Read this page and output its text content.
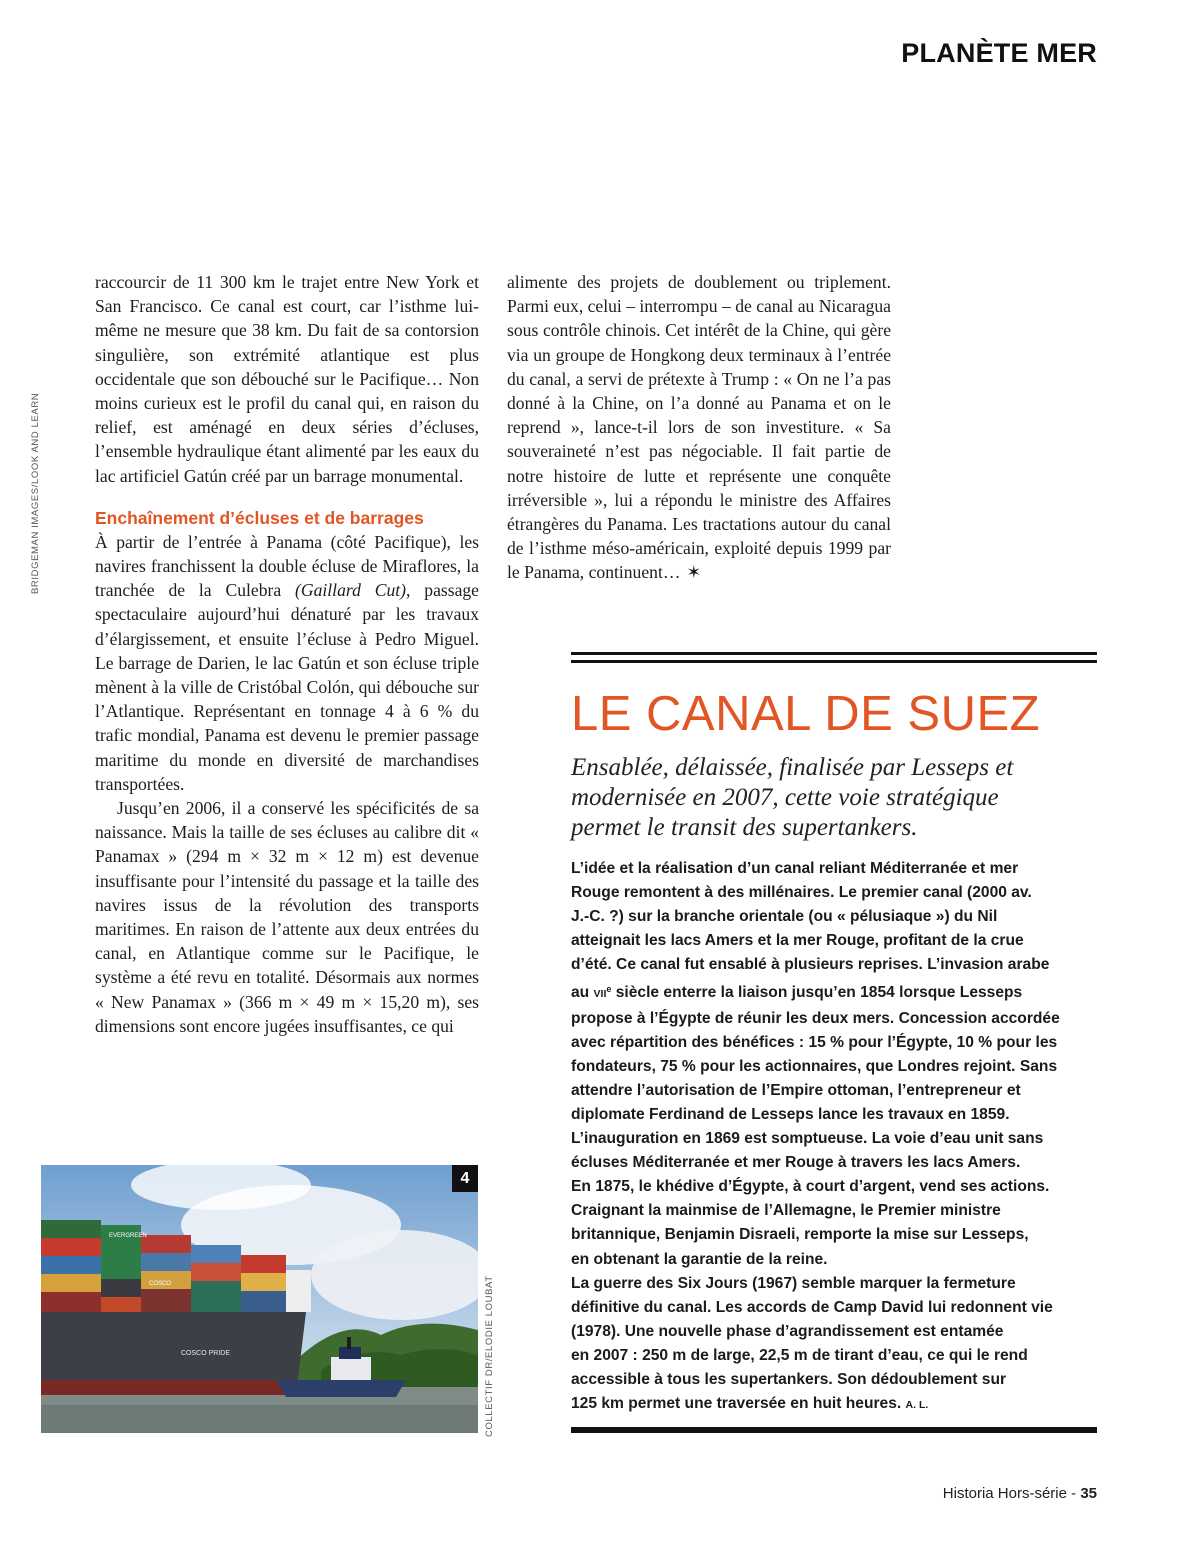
PLANÈTE MER
BRIDGEMAN IMAGES/LOOK AND LEARN

raccourcir de 11 300 km le trajet entre New York et San Francisco. Ce canal est court, car l’isthme lui-même ne mesure que 38 km. Du fait de sa contorsion singulière, son extrémité atlantique est plus occidentale que son débouché sur le Pacifique… Non moins curieux est le profil du canal qui, en raison du relief, est aménagé en deux séries d’écluses, l’ensemble hydraulique étant alimenté par les eaux du lac artificiel Gatún créé par un barrage monumental.

Enchaînement d’écluses et de barrages

À partir de l’entrée à Panama (côté Pacifique), les navires franchissent la double écluse de Miraflores, la tranchée de la Culebra (Gaillard Cut), passage spectaculaire aujourd’hui dénaturé par les travaux d’élargissement, et ensuite l’écluse à Pedro Miguel. Le barrage de Darien, le lac Gatún et son écluse triple mènent à la ville de Cristóbal Colón, qui débouche sur l’Atlantique. Représentant en tonnage 4 à 6 % du trafic mondial, Panama est devenu le premier passage maritime du monde en diversité de marchandises transportées.

Jusqu’en 2006, il a conservé les spécificités de sa naissance. Mais la taille de ses écluses au calibre dit « Panamax » (294 m × 32 m × 12 m) est devenue insuffisante pour l’intensité du passage et la taille des navires issus de la révolution des transports maritimes. En raison de l’attente aux deux entrées du canal, en Atlantique comme sur le Pacifique, le système a été revu en totalité. Désormais aux normes « New Panamax » (366 m × 49 m × 15,20 m), ses dimensions sont encore jugées insuffisantes, ce qui

alimente des projets de doublement ou triplement. Parmi eux, celui – interrompu – de canal au Nicaragua sous contrôle chinois. Cet intérêt de la Chine, qui gère via un groupe de Hongkong deux terminaux à l’entrée du canal, a servi de prétexte à Trump : « On ne l’a pas donné à la Chine, on l’a donné au Panama et on le reprend », lance-t-il lors de son investiture. « Sa souveraineté n’est pas négociable. Il fait partie de notre histoire de lutte et représente une conquête irréversible », lui a répondu le ministre des Affaires étrangères du Panama. Les tractations autour du canal de l’isthme méso-américain, exploité depuis 1999 par le Panama, continuent… ✶

EVERGREEN
COSCO
COSCO PRIDE
4
COLLECTIF DR/ELODIE LOUBAT
LE CANAL DE SUEZ
Ensablée, délaissée, finalisée par Lesseps et modernisée en 2007, cette voie stratégique permet le transit des supertankers.
L’idée et la réalisation d’un canal reliant Méditerranée et mer
Rouge remontent à des millénaires. Le premier canal (2000 av.
J.-C. ?) sur la branche orientale (ou « pélusiaque ») du Nil
atteignait les lacs Amers et la mer Rouge, profitant de la crue
d’été. Ce canal fut ensablé à plusieurs reprises. L’invasion arabe
au VIIe siècle enterre la liaison jusqu’en 1854 lorsque Lesseps
propose à l’Égypte de réunir les deux mers. Concession accordée
avec répartition des bénéfices : 15 % pour l’Égypte, 10 % pour les
fondateurs, 75 % pour les actionnaires, que Londres rejoint. Sans
attendre l’autorisation de l’Empire ottoman, l’entrepreneur et
diplomate Ferdinand de Lesseps lance les travaux en 1859.
L’inauguration en 1869 est somptueuse. La voie d’eau unit sans
écluses Méditerranée et mer Rouge à travers les lacs Amers.
En 1875, le khédive d’Égypte, à court d’argent, vend ses actions.
Craignant la mainmise de l’Allemagne, le Premier ministre
britannique, Benjamin Disraeli, remporte la mise sur Lesseps,
en obtenant la garantie de la reine.
La guerre des Six Jours (1967) semble marquer la fermeture
définitive du canal. Les accords de Camp David lui redonnent vie
(1978). Une nouvelle phase d’agrandissement est entamée
en 2007 : 250 m de large, 22,5 m de tirant d’eau, ce qui le rend
accessible à tous les supertankers. Son dédoublement sur
125 km permet une traversée en huit heures. A. L.
Historia Hors-série - 35
